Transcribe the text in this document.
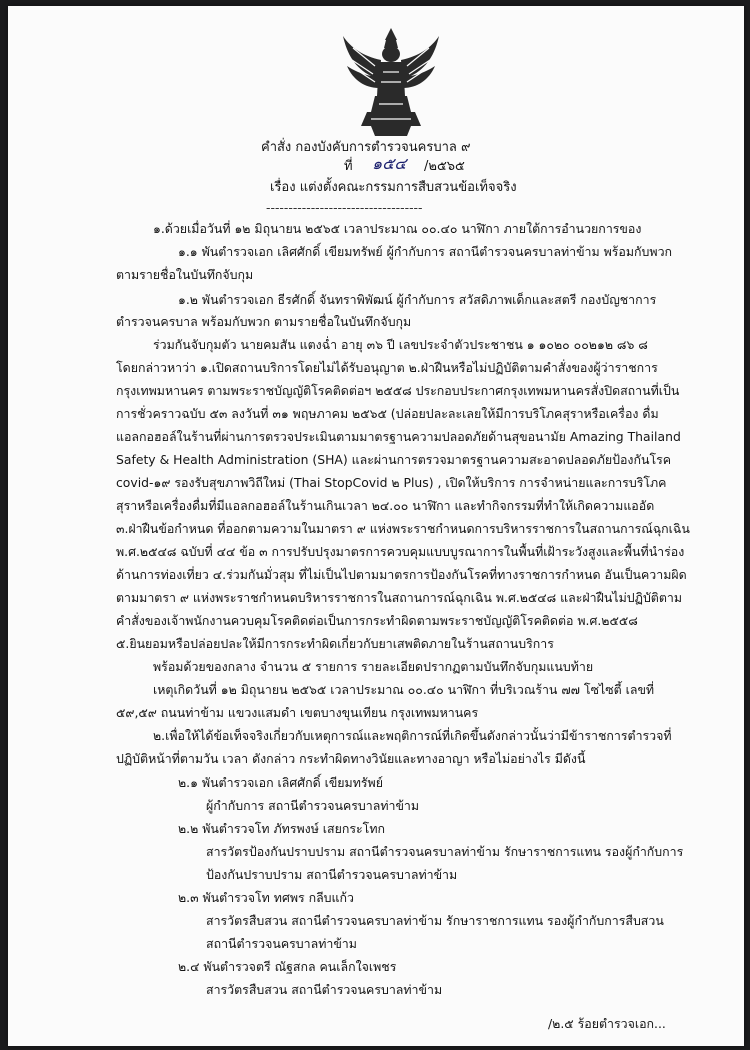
คำสั่ง กองบังคับการตำรวจนครบาล ๙
ที่ ๑๕๔ /๒๕๖๕
เรื่อง แต่งตั้งคณะกรรมการสืบสวนข้อเท็จจริง
-----------------------------------
๑.ด้วยเมื่อวันที่ ๑๒ มิถุนายน ๒๕๖๕ เวลาประมาณ ๐๐.๔๐ นาฬิกา ภายใต้การอำนวยการของ
๑.๑ พันตำรวจเอก เลิศศักดิ์ เขียมทรัพย์ ผู้กำกับการ สถานีตำรวจนครบาลท่าข้าม พร้อมกับพวก
ตามรายชื่อในบันทึกจับกุม
๑.๒ พันตำรวจเอก ธีรศักดิ์ จันทราพิพัฒน์ ผู้กำกับการ สวัสดิภาพเด็กและสตรี กองบัญชาการ
ตำรวจนครบาล พร้อมกับพวก ตามรายชื่อในบันทึกจับกุม
ร่วมกันจับกุมตัว นายคมสัน แตงฉ่ำ อายุ ๓๖ ปี เลขประจำตัวประชาชน ๑ ๑๐๒๐ ๐๐๒๑๒ ๘๖ ๘
โดยกล่าวหาว่า ๑.เปิดสถานบริการโดยไม่ได้รับอนุญาต ๒.ฝ่าฝืนหรือไม่ปฏิบัติตามคำสั่งของผู้ว่าราชการ
กรุงเทพมหานคร ตามพระราชบัญญัติโรคติดต่อฯ ๒๕๕๘ ประกอบประกาศกรุงเทพมหานครสั่งปิดสถานที่เป็น
การชั่วคราวฉบับ ๕๓ ลงวันที่ ๓๑ พฤษภาคม ๒๕๖๕ (ปล่อยปละละเลยให้มีการบริโภคสุราหรือเครื่อง ดื่ม
แอลกอฮอล์ในร้านที่ผ่านการตรวจประเมินตามมาตรฐานความปลอดภัยด้านสุขอนามัย Amazing Thailand
Safety & Health Administration (SHA) และผ่านการตรวจมาตรฐานความสะอาดปลอดภัยป้องกันโรค
covid-๑๙ รองรับสุขภาพวิถีใหม่ (Thai StopCovid ๒ Plus) , เปิดให้บริการ การจำหน่ายและการบริโภค
สุราหรือเครื่องดื่มที่มีแอลกอฮอล์ในร้านเกินเวลา ๒๔.๐๐ นาฬิกา และทำกิจกรรมที่ทำให้เกิดความแออัด
๓.ฝ่าฝืนข้อกำหนด ที่ออกตามความในมาตรา ๙ แห่งพระราชกำหนดการบริหารราชการในสถานการณ์ฉุกเฉิน
พ.ศ.๒๕๔๘ ฉบับที่ ๔๔ ข้อ ๓ การปรับปรุงมาตรการควบคุมแบบบูรณาการในพื้นที่เฝ้าระวังสูงและพื้นที่นำร่อง
ด้านการท่องเที่ยว ๔.ร่วมกันมั่วสุม ที่ไม่เป็นไปตามมาตรการป้องกันโรคที่ทางราชการกำหนด อันเป็นความผิด
ตามมาตรา ๙ แห่งพระราชกำหนดบริหารราชการในสถานการณ์ฉุกเฉิน พ.ศ.๒๕๔๘ และฝ่าฝืนไม่ปฏิบัติตาม
คำสั่งของเจ้าพนักงานควบคุมโรคติดต่อเป็นการกระทำผิดตามพระราชบัญญัติโรคติดต่อ พ.ศ.๒๕๕๘
๕.ยินยอมหรือปล่อยปละให้มีการกระทำผิดเกี่ยวกับยาเสพติดภายในร้านสถานบริการ
พร้อมด้วยของกลาง จำนวน ๕ รายการ รายละเอียดปรากฏตามบันทึกจับกุมแนบท้าย
เหตุเกิดวันที่ ๑๒ มิถุนายน ๒๕๖๕ เวลาประมาณ ๐๐.๔๐ นาฬิกา ที่บริเวณร้าน ๗๗ โซไซตี้ เลขที่
๕๙,๕๙ ถนนท่าข้าม แขวงแสมดำ เขตบางขุนเทียน กรุงเทพมหานคร
๒.เพื่อให้ได้ข้อเท็จจริงเกี่ยวกับเหตุการณ์และพฤติการณ์ที่เกิดขึ้นดังกล่าวนั้นว่ามีข้าราชการตำรวจที่
ปฏิบัติหน้าที่ตามวัน เวลา ดังกล่าว กระทำผิดทางวินัยและทางอาญา หรือไม่อย่างไร มีดังนี้
๒.๑ พันตำรวจเอก เลิศศักดิ์ เขียมทรัพย์
ผู้กำกับการ สถานีตำรวจนครบาลท่าข้าม
๒.๒ พันตำรวจโท ภัทรพงษ์ เสยกระโทก
สารวัตรป้องกันปราบปราม สถานีตำรวจนครบาลท่าข้าม รักษาราชการแทน รองผู้กำกับการ
ป้องกันปราบปราม สถานีตำรวจนครบาลท่าข้าม
๒.๓ พันตำรวจโท ทศพร กลีบแก้ว
สารวัตรสืบสวน สถานีตำรวจนครบาลท่าข้าม รักษาราชการแทน รองผู้กำกับการสืบสวน
สถานีตำรวจนครบาลท่าข้าม
๒.๔ พันตำรวจตรี ณัฐสกล คนเล็กใจเพชร
สารวัตรสืบสวน สถานีตำรวจนครบาลท่าข้าม
/๒.๕ ร้อยตำรวจเอก...
